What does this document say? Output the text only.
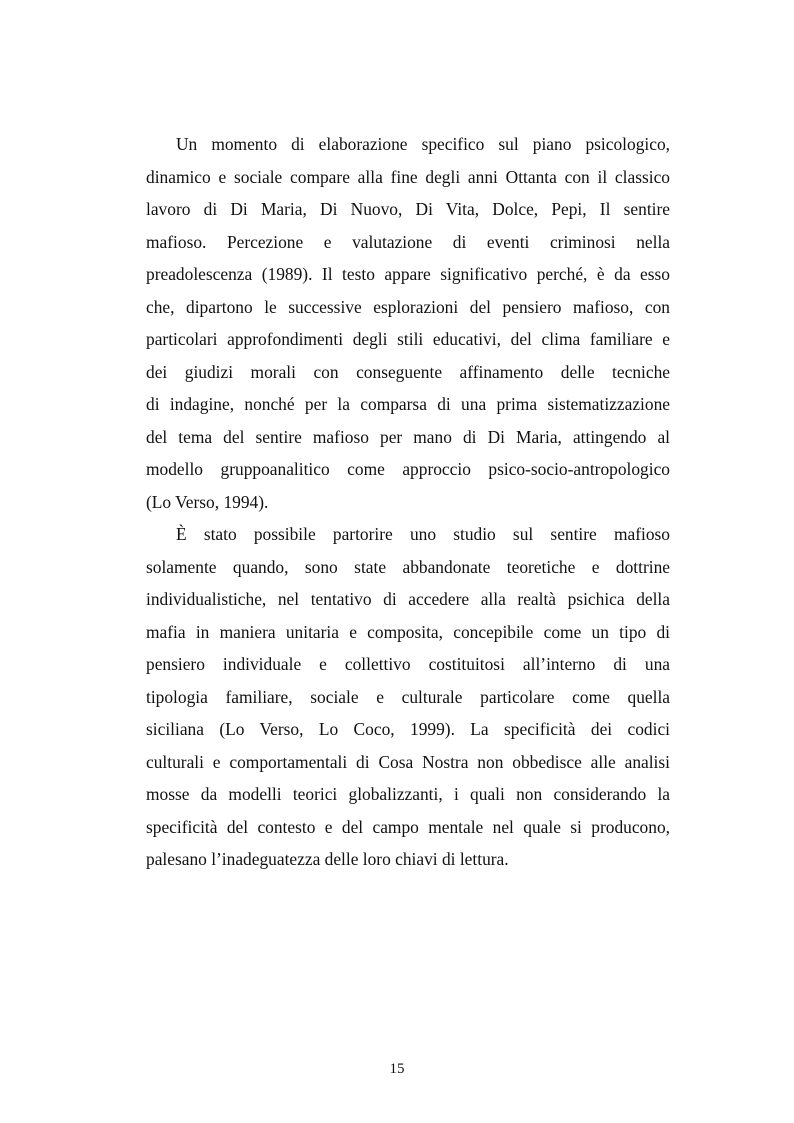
Un momento di elaborazione specifico sul piano psicologico,
dinamico e sociale compare alla fine degli anni Ottanta con il classico
lavoro di Di Maria, Di Nuovo, Di Vita, Dolce, Pepi, Il sentire
mafioso. Percezione e valutazione di eventi criminosi nella
preadolescenza (1989). Il testo appare significativo perché, è da esso
che, dipartono le successive esplorazioni del pensiero mafioso, con
particolari approfondimenti degli stili educativi, del clima familiare e
dei giudizi morali con conseguente affinamento delle tecniche
di indagine, nonché per la comparsa di una prima sistematizzazione
del tema del sentire mafioso per mano di Di Maria, attingendo al
modello gruppoanalitico come approccio psico-socio-antropologico
(Lo Verso, 1994).

È stato possibile partorire uno studio sul sentire mafioso
solamente quando, sono state abbandonate teoretiche e dottrine
individualistiche, nel tentativo di accedere alla realtà psichica della
mafia in maniera unitaria e composita, concepibile come un tipo di
pensiero individuale e collettivo costituitosi all’interno di una
tipologia familiare, sociale e culturale particolare come quella
siciliana (Lo Verso, Lo Coco, 1999). La specificità dei codici
culturali e comportamentali di Cosa Nostra non obbedisce alle analisi
mosse da modelli teorici globalizzanti, i quali non considerando la
specificità del contesto e del campo mentale nel quale si producono,
palesano l’inadeguatezza delle loro chiavi di lettura.

15
